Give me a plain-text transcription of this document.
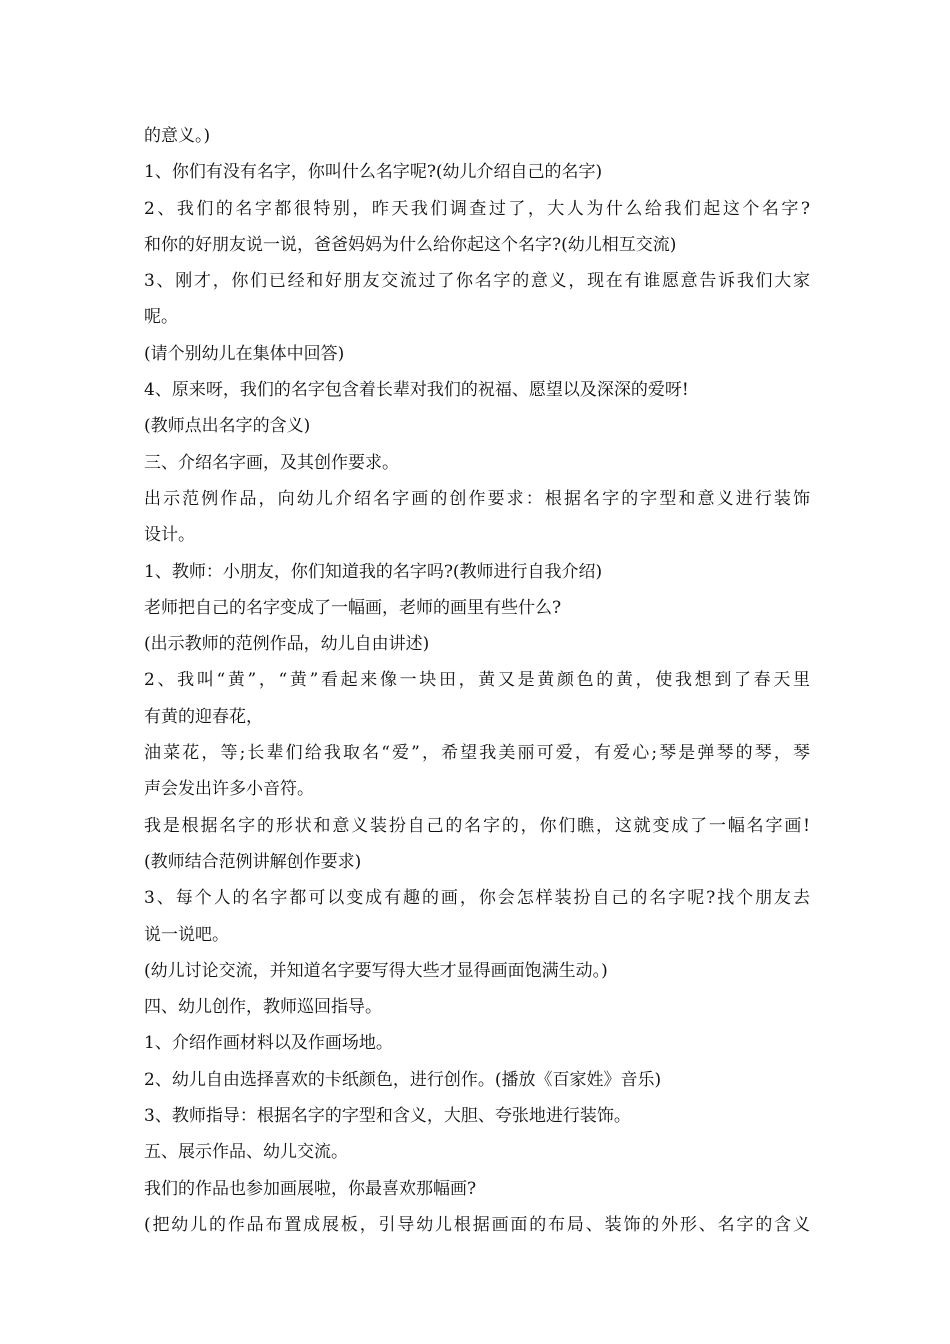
的意义。)
1、你们有没有名字，你叫什么名字呢?(幼儿介绍自己的名字)
2、我们的名字都很特别，昨天我们调查过了，大人为什么给我们起这个名字?
和你的好朋友说一说，爸爸妈妈为什么给你起这个名字?(幼儿相互交流)
3、刚才，你们已经和好朋友交流过了你名字的意义，现在有谁愿意告诉我们大家
呢。
(请个别幼儿在集体中回答)
4、原来呀，我们的名字包含着长辈对我们的祝福、愿望以及深深的爱呀!
(教师点出名字的含义)
三、介绍名字画，及其创作要求。
出示范例作品，向幼儿介绍名字画的创作要求：根据名字的字型和意义进行装饰
设计。
1、教师：小朋友，你们知道我的名字吗?(教师进行自我介绍)
老师把自己的名字变成了一幅画，老师的画里有些什么?
(出示教师的范例作品，幼儿自由讲述)
2、我叫“黄”，“黄”看起来像一块田，黄又是黄颜色的黄，使我想到了春天里
有黄的迎春花，
油菜花，等;长辈们给我取名“爱”，希望我美丽可爱，有爱心;琴是弹琴的琴，琴
声会发出许多小音符。
我是根据名字的形状和意义装扮自己的名字的，你们瞧，这就变成了一幅名字画!
(教师结合范例讲解创作要求)
3、每个人的名字都可以变成有趣的画，你会怎样装扮自己的名字呢?找个朋友去
说一说吧。
(幼儿讨论交流，并知道名字要写得大些才显得画面饱满生动。)
四、幼儿创作，教师巡回指导。
1、介绍作画材料以及作画场地。
2、幼儿自由选择喜欢的卡纸颜色，进行创作。(播放《百家姓》音乐)
3、教师指导：根据名字的字型和含义，大胆、夸张地进行装饰。
五、展示作品、幼儿交流。
我们的作品也参加画展啦，你最喜欢那幅画?
(把幼儿的作品布置成展板，引导幼儿根据画面的布局、装饰的外形、名字的含义
